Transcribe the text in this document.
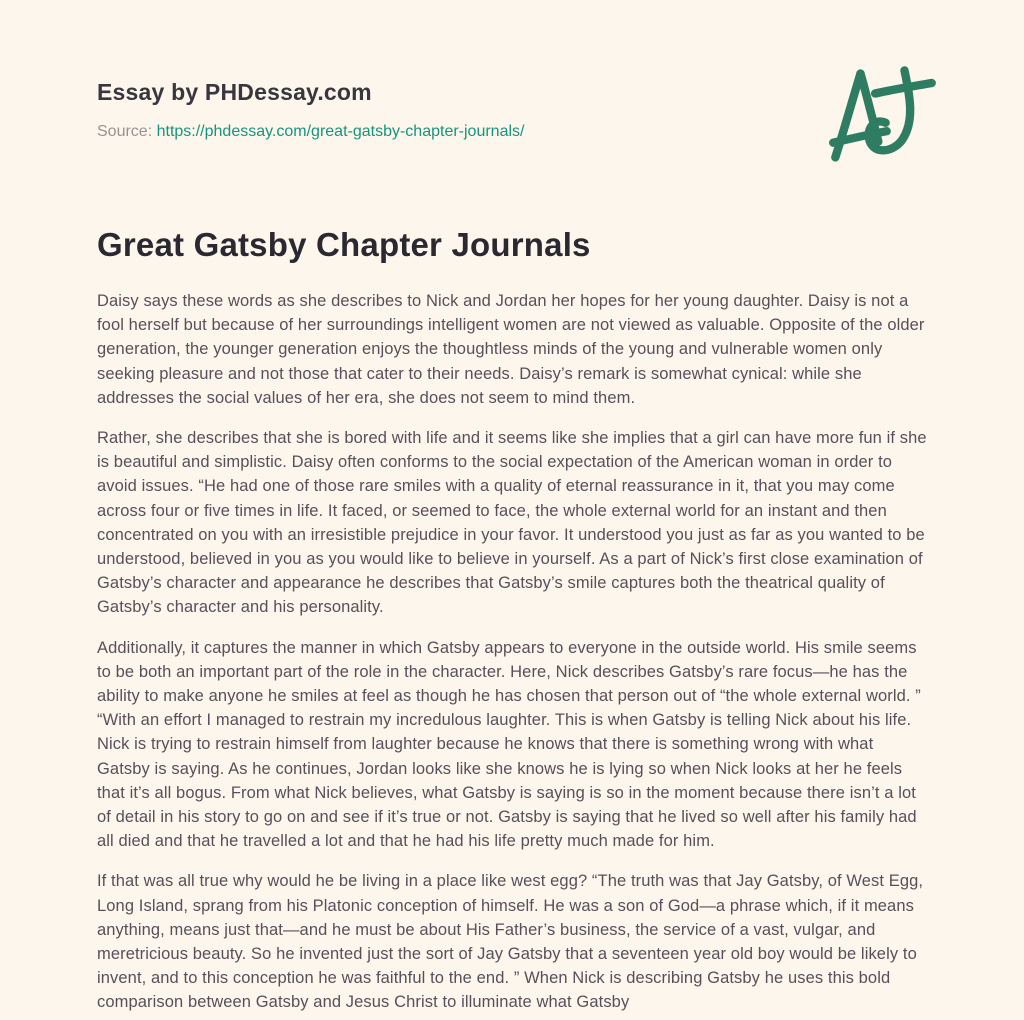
Essay by PHDessay.com
Source: https://phdessay.com/great-gatsby-chapter-journals/
Great Gatsby Chapter Journals

Daisy says these words as she describes to Nick and Jordan her hopes for her young daughter. Daisy is not a fool herself but because of her surroundings intelligent women are not viewed as valuable. Opposite of the older generation, the younger generation enjoys the thoughtless minds of the young and vulnerable women only seeking pleasure and not those that cater to their needs. Daisy’s remark is somewhat cynical: while she addresses the social values of her era, she does not seem to mind them.

Rather, she describes that she is bored with life and it seems like she implies that a girl can have more fun if she is beautiful and simplistic. Daisy often conforms to the social expectation of the American woman in order to avoid issues. “He had one of those rare smiles with a quality of eternal reassurance in it, that you may come across four or five times in life. It faced, or seemed to face, the whole external world for an instant and then concentrated on you with an irresistible prejudice in your favor. It understood you just as far as you wanted to be understood, believed in you as you would like to believe in yourself. As a part of Nick’s first close examination of Gatsby’s character and appearance he describes that Gatsby’s smile captures both the theatrical quality of Gatsby’s character and his personality.

Additionally, it captures the manner in which Gatsby appears to everyone in the outside world. His smile seems to be both an important part of the role in the character. Here, Nick describes Gatsby’s rare focus—he has the ability to make anyone he smiles at feel as though he has chosen that person out of “the whole external world. ” “With an effort I managed to restrain my incredulous laughter. This is when Gatsby is telling Nick about his life. Nick is trying to restrain himself from laughter because he knows that there is something wrong with what Gatsby is saying. As he continues, Jordan looks like she knows he is lying so when Nick looks at her he feels that it’s all bogus. From what Nick believes, what Gatsby is saying is so in the moment because there isn’t a lot of detail in his story to go on and see if it’s true or not. Gatsby is saying that he lived so well after his family had all died and that he travelled a lot and that he had his life pretty much made for him.

If that was all true why would he be living in a place like west egg? “The truth was that Jay Gatsby, of West Egg, Long Island, sprang from his Platonic conception of himself. He was a son of God—a phrase which, if it means anything, means just that—and he must be about His Father’s business, the service of a vast, vulgar, and meretricious beauty. So he invented just the sort of Jay Gatsby that a seventeen year old boy would be likely to invent, and to this conception he was faithful to the end. ” When Nick is describing Gatsby he uses this bold comparison between Gatsby and Jesus Christ to illuminate what Gatsby
